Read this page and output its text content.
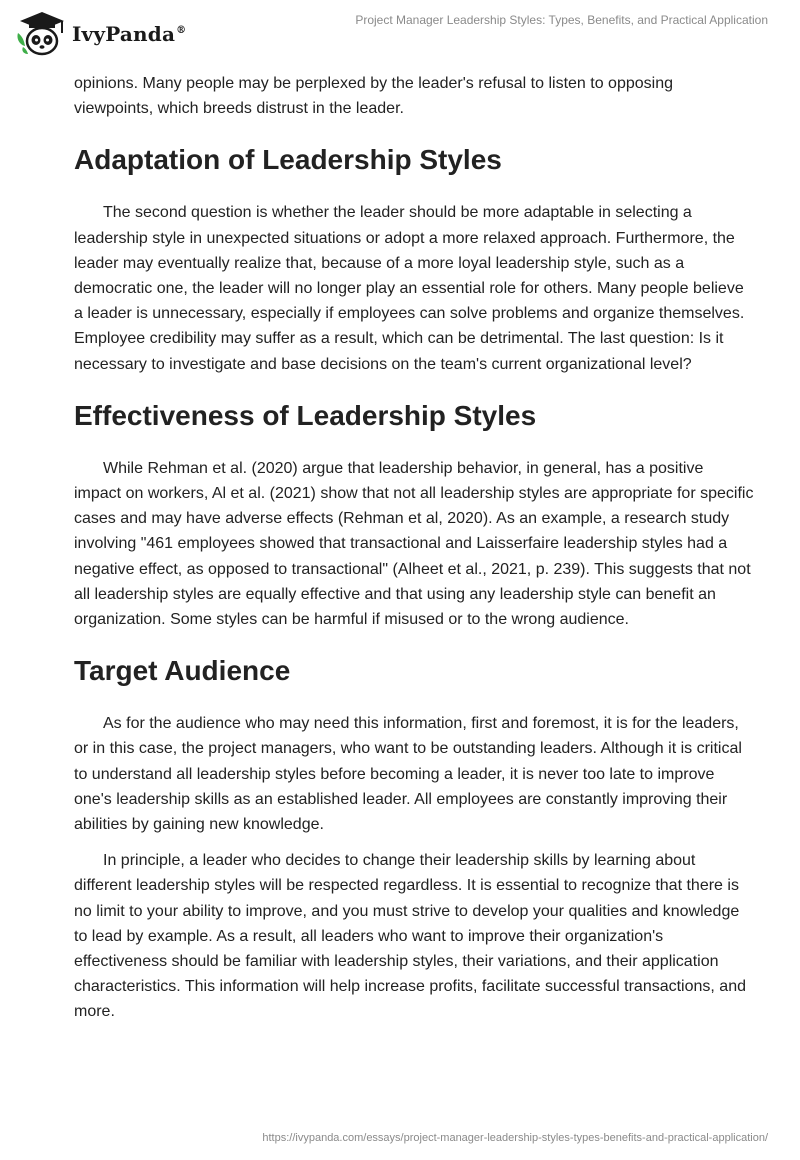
IvyPanda®
Project Manager Leadership Styles: Types, Benefits, and Practical Application

opinions. Many people may be perplexed by the leader's refusal to listen to opposing viewpoints, which breeds distrust in the leader.

Adaptation of Leadership Styles

The second question is whether the leader should be more adaptable in selecting a leadership style in unexpected situations or adopt a more relaxed approach. Furthermore, the leader may eventually realize that, because of a more loyal leadership style, such as a democratic one, the leader will no longer play an essential role for others. Many people believe a leader is unnecessary, especially if employees can solve problems and organize themselves. Employee credibility may suffer as a result, which can be detrimental. The last question: Is it necessary to investigate and base decisions on the team's current organizational level?

Effectiveness of Leadership Styles

While Rehman et al. (2020) argue that leadership behavior, in general, has a positive impact on workers, Al et al. (2021) show that not all leadership styles are appropriate for specific cases and may have adverse effects (Rehman et al, 2020). As an example, a research study involving "461 employees showed that transactional and Laisserfaire leadership styles had a negative effect, as opposed to transactional" (Alheet et al., 2021, p. 239). This suggests that not all leadership styles are equally effective and that using any leadership style can benefit an organization. Some styles can be harmful if misused or to the wrong audience.

Target Audience

As for the audience who may need this information, first and foremost, it is for the leaders, or in this case, the project managers, who want to be outstanding leaders. Although it is critical to understand all leadership styles before becoming a leader, it is never too late to improve one's leadership skills as an established leader. All employees are constantly improving their abilities by gaining new knowledge.

In principle, a leader who decides to change their leadership skills by learning about different leadership styles will be respected regardless. It is essential to recognize that there is no limit to your ability to improve, and you must strive to develop your qualities and knowledge to lead by example. As a result, all leaders who want to improve their organization's effectiveness should be familiar with leadership styles, their variations, and their application characteristics. This information will help increase profits, facilitate successful transactions, and more.

https://ivypanda.com/essays/project-manager-leadership-styles-types-benefits-and-practical-application/
